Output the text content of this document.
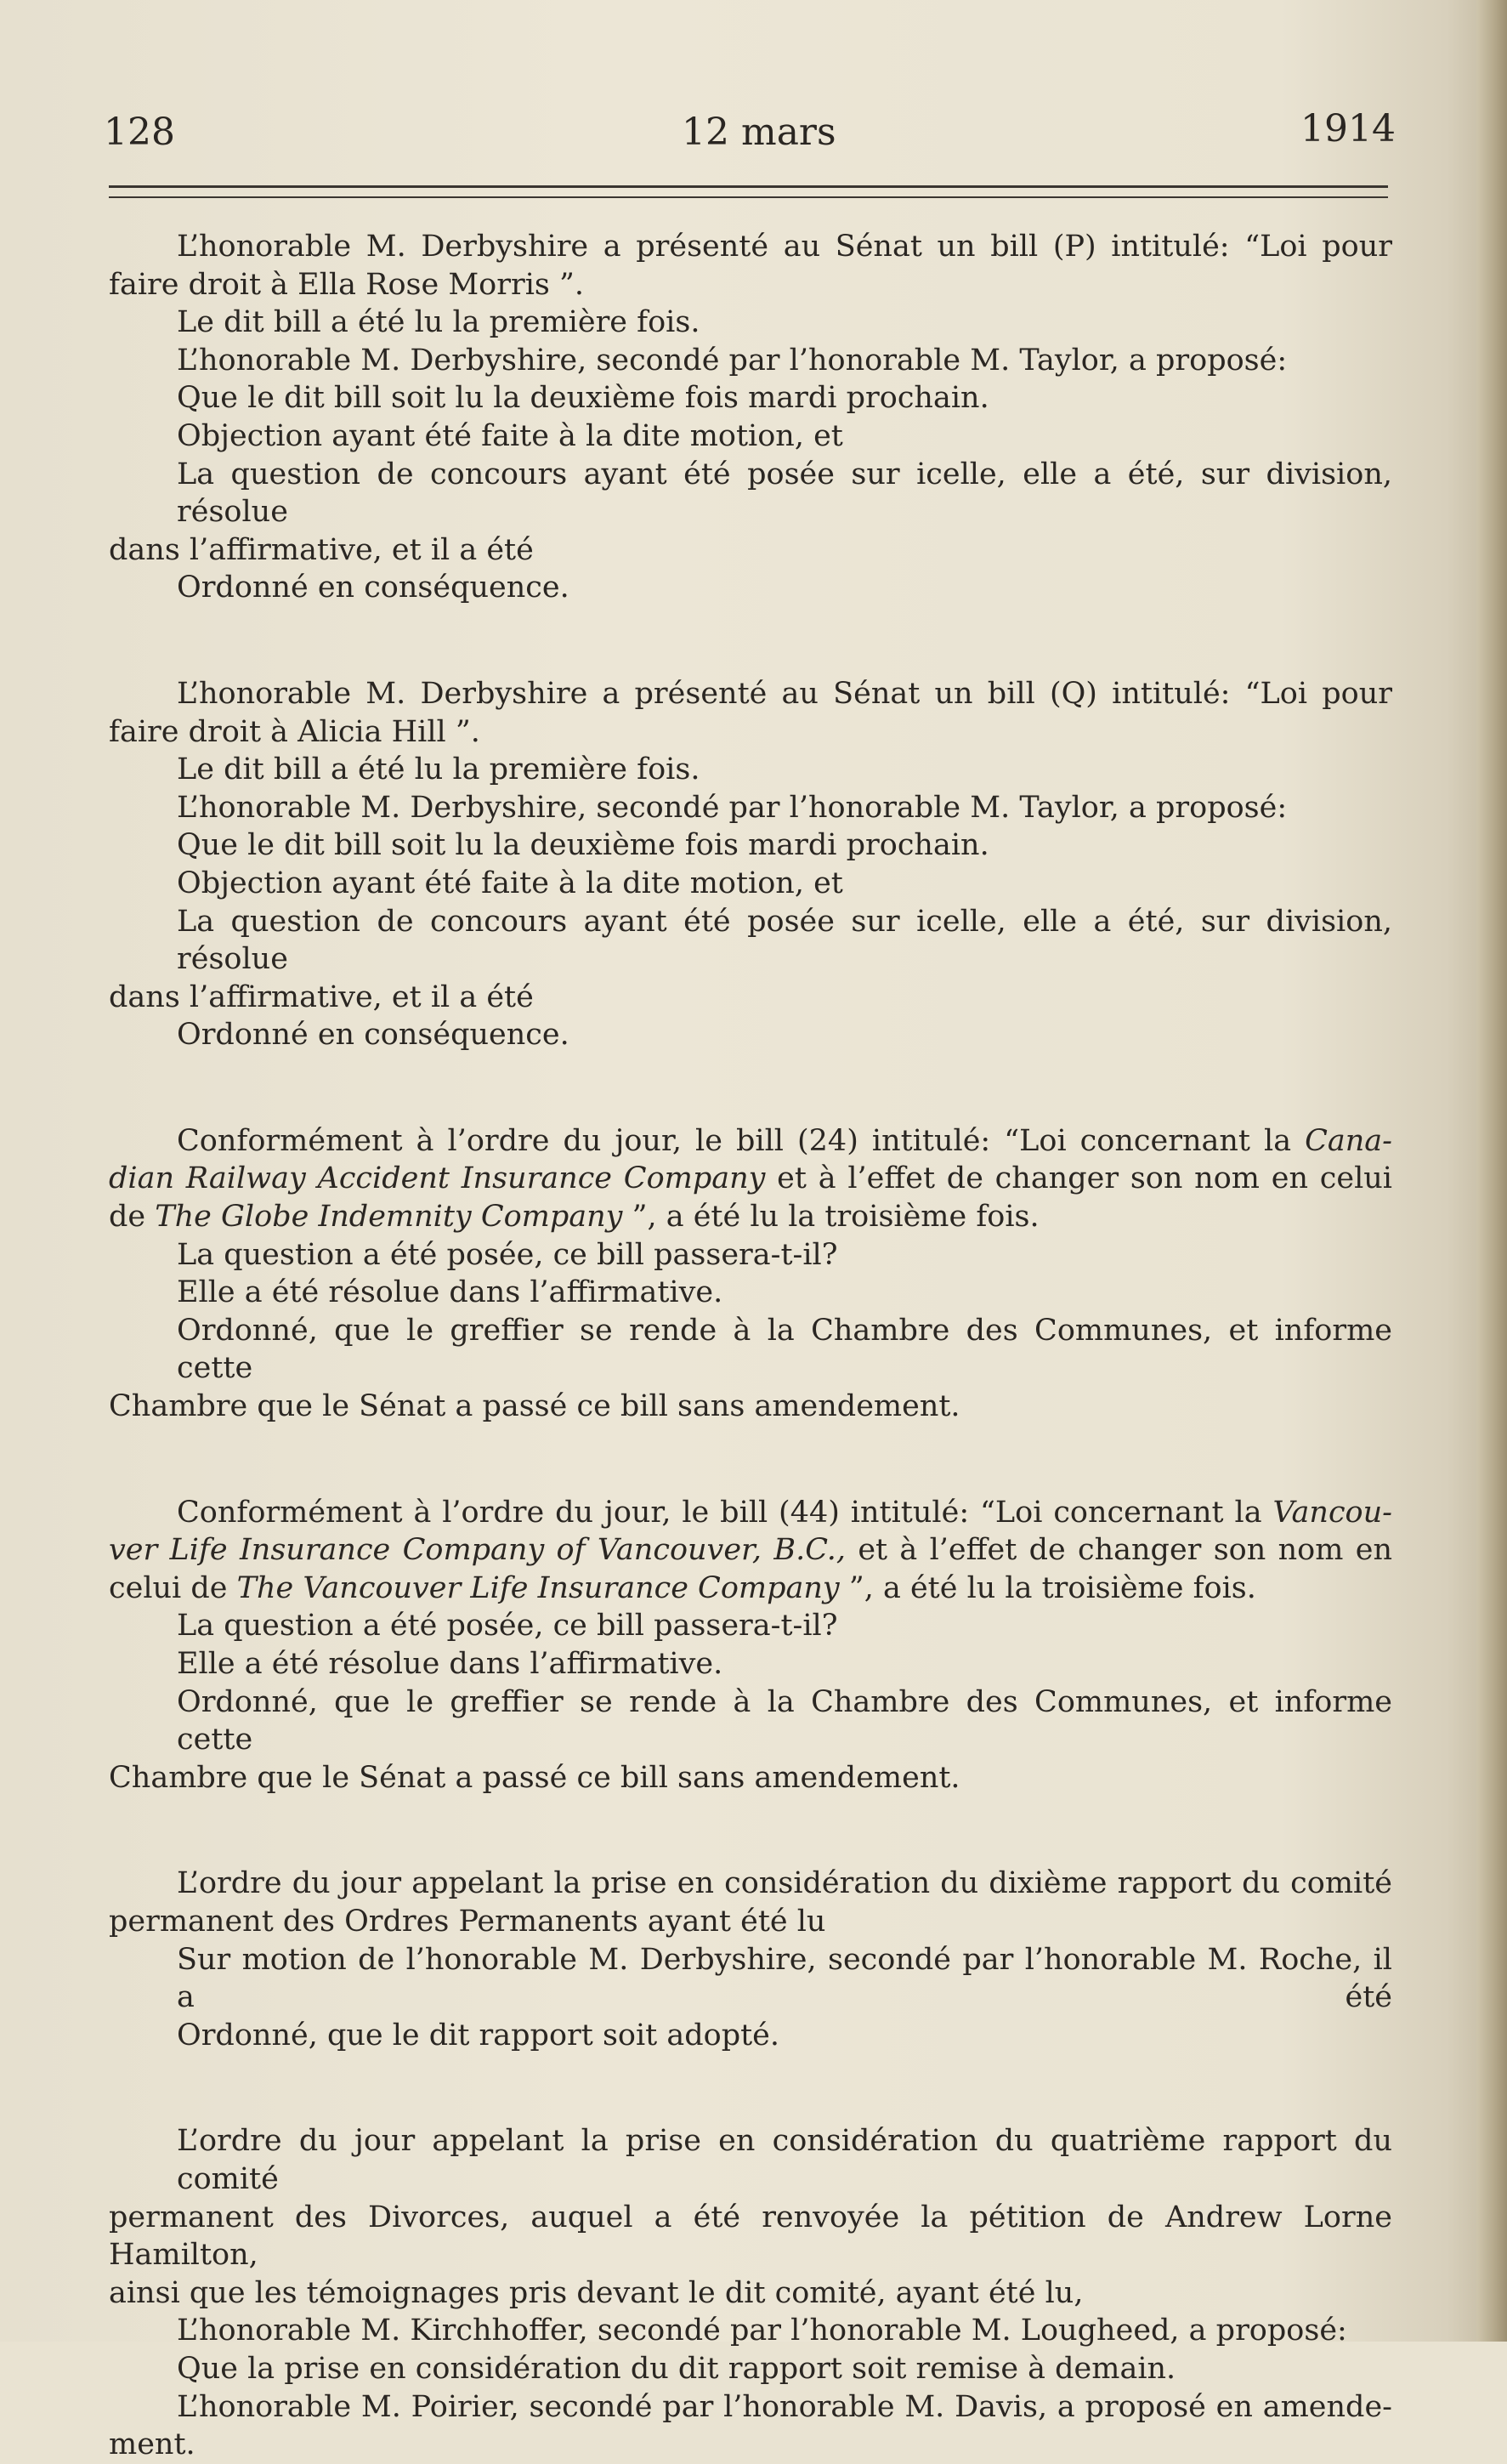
128	12 mars	1914

L’honorable M. Derbyshire a présenté au Sénat un bill (P) intitulé: “Loi pour

faire droit à Ella Rose Morris ”.

Le dit bill a été lu la première fois.

L’honorable M. Derbyshire, secondé par l’honorable M. Taylor, a proposé:

Que le dit bill soit lu la deuxième fois mardi prochain.

Objection ayant été faite à la dite motion, et

La question de concours ayant été posée sur icelle, elle a été, sur division, résolue

dans l’affirmative, et il a été

Ordonné en conséquence.

L’honorable M. Derbyshire a présenté au Sénat un bill (Q) intitulé: “Loi pour

faire droit à Alicia Hill ”.

Le dit bill a été lu la première fois.

L’honorable M. Derbyshire, secondé par l’honorable M. Taylor, a proposé:

Que le dit bill soit lu la deuxième fois mardi prochain.

Objection ayant été faite à la dite motion, et

La question de concours ayant été posée sur icelle, elle a été, sur division, résolue

dans l’affirmative, et il a été

Ordonné en conséquence.

Conformément à l’ordre du jour, le bill (24) intitulé: “Loi concernant la Cana-

dian Railway Accident Insurance Company et à l’effet de changer son nom en celui

de The Globe Indemnity Company ”, a été lu la troisième fois.

La question a été posée, ce bill passera-t-il?

Elle a été résolue dans l’affirmative.

Ordonné, que le greffier se rende à la Chambre des Communes, et informe cette

Chambre que le Sénat a passé ce bill sans amendement.

Conformément à l’ordre du jour, le bill (44) intitulé: “Loi concernant la Vancou-

ver Life Insurance Company of Vancouver, B.C., et à l’effet de changer son nom en

celui de The Vancouver Life Insurance Company ”, a été lu la troisième fois.

La question a été posée, ce bill passera-t-il?

Elle a été résolue dans l’affirmative.

Ordonné, que le greffier se rende à la Chambre des Communes, et informe cette

Chambre que le Sénat a passé ce bill sans amendement.

L’ordre du jour appelant la prise en considération du dixième rapport du comité

permanent des Ordres Permanents ayant été lu

Sur motion de l’honorable M. Derbyshire, secondé par l’honorable M. Roche, il a été

Ordonné, que le dit rapport soit adopté.

L’ordre du jour appelant la prise en considération du quatrième rapport du comité

permanent des Divorces, auquel a été renvoyée la pétition de Andrew Lorne Hamilton,

ainsi que les témoignages pris devant le dit comité, ayant été lu,

L’honorable M. Kirchhoffer, secondé par l’honorable M. Lougheed, a proposé:

Que la prise en considération du dit rapport soit remise à demain.

L’honorable M. Poirier, secondé par l’honorable M. Davis, a proposé en amende-

ment.
